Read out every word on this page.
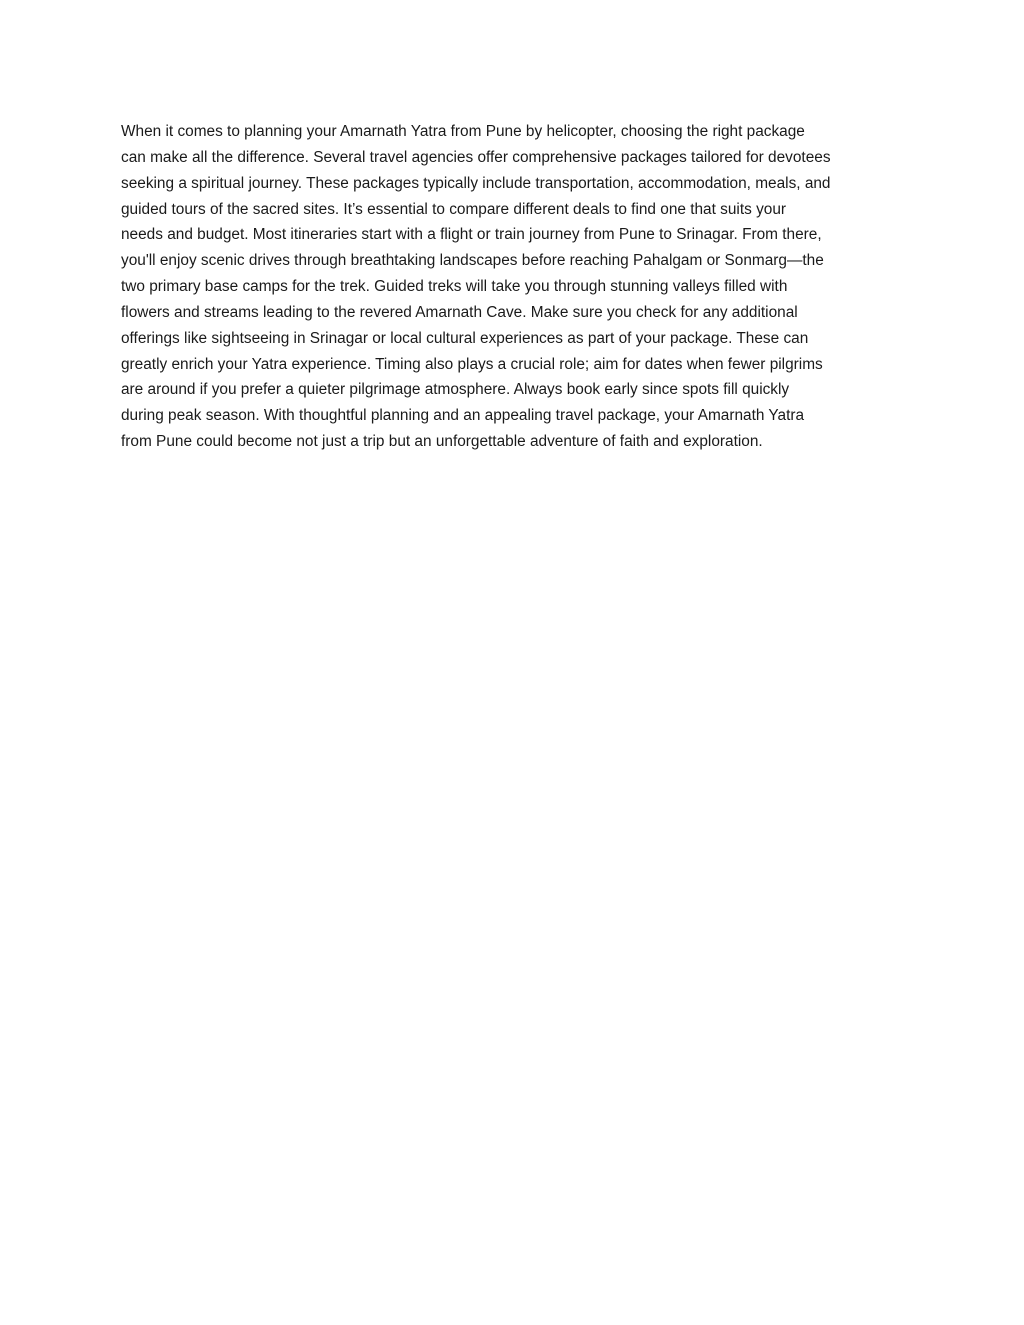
When it comes to planning your Amarnath Yatra from Pune by helicopter, choosing the right package
can make all the difference. Several travel agencies offer comprehensive packages tailored for devotees
seeking a spiritual journey. These packages typically include transportation, accommodation, meals, and
guided tours of the sacred sites. It’s essential to compare different deals to find one that suits your
needs and budget. Most itineraries start with a flight or train journey from Pune to Srinagar. From there,
you'll enjoy scenic drives through breathtaking landscapes before reaching Pahalgam or Sonmarg—the
two primary base camps for the trek. Guided treks will take you through stunning valleys filled with
flowers and streams leading to the revered Amarnath Cave. Make sure you check for any additional
offerings like sightseeing in Srinagar or local cultural experiences as part of your package. These can
greatly enrich your Yatra experience. Timing also plays a crucial role; aim for dates when fewer pilgrims
are around if you prefer a quieter pilgrimage atmosphere. Always book early since spots fill quickly
during peak season. With thoughtful planning and an appealing travel package, your Amarnath Yatra
from Pune could become not just a trip but an unforgettable adventure of faith and exploration.
